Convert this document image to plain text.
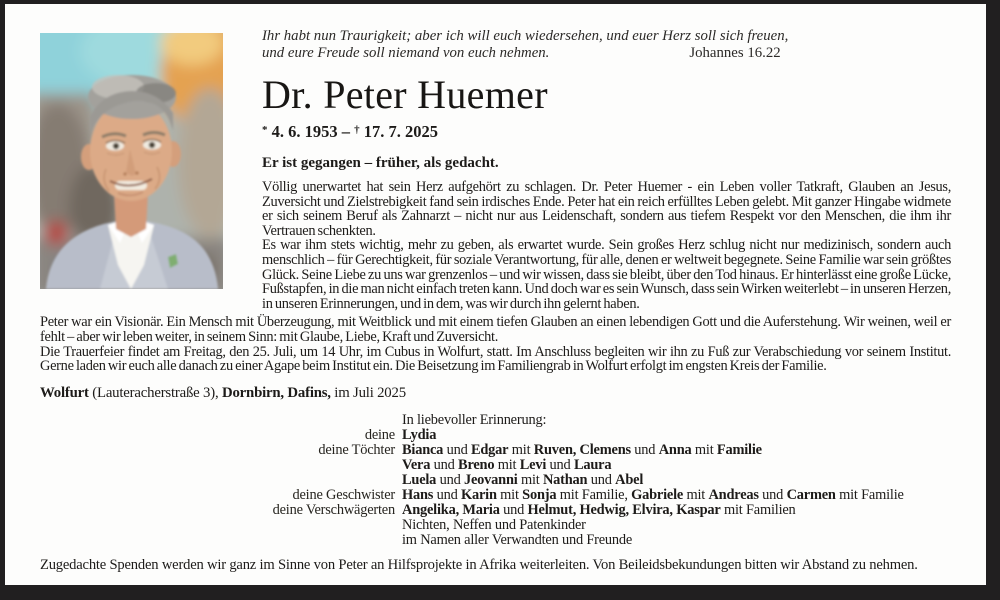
Ihr habt nun Traurigkeit; aber ich will euch wiedersehen, und euer Herz soll sich freuen,
und eure Freude soll niemand von euch nehmen.	Johannes 16.22
Dr. Peter Huemer
* 4. 6. 1953 – † 17. 7. 2025
Er ist gegangen – früher, als gedacht.

Völlig unerwartet hat sein Herz aufgehört zu schlagen. Dr. Peter Huemer - ein Leben voller Tatkraft, Glauben an Jesus, Zuversicht und Zielstrebigkeit fand sein irdisches Ende. Peter hat ein reich erfülltes Leben gelebt. Mit ganzer Hingabe widmete er sich seinem Beruf als Zahnarzt – nicht nur aus Leidenschaft, sondern aus tiefem Respekt vor den Menschen, die ihm ihr Vertrauen schenkten.

Es war ihm stets wichtig, mehr zu geben, als erwartet wurde. Sein großes Herz schlug nicht nur medizinisch, sondern auch menschlich – für Gerechtigkeit, für soziale Verantwortung, für alle, denen er weltweit begegnete. Seine Familie war sein größtes Glück. Seine Liebe zu uns war grenzenlos – und wir wissen, dass sie bleibt, über den Tod hinaus. Er hinterlässt eine große Lücke, Fußstapfen, in die man nicht einfach treten kann. Und doch war es sein Wunsch, dass sein Wirken weiterlebt – in unseren Herzen, in unseren Erinnerungen, und in dem, was wir durch ihn gelernt haben.

Peter war ein Visionär. Ein Mensch mit Überzeugung, mit Weitblick und mit einem tiefen Glauben an einen lebendigen Gott und die Auferstehung. Wir weinen, weil er fehlt – aber wir leben weiter, in seinem Sinn: mit Glaube, Liebe, Kraft und Zuversicht.

Die Trauerfeier findet am Freitag, den 25. Juli, um 14 Uhr, im Cubus in Wolfurt, statt. Im Anschluss begleiten wir ihn zu Fuß zur Verabschiedung vor seinem Institut. Gerne laden wir euch alle danach zu einer Agape beim Institut ein. Die Beisetzung im Familiengrab in Wolfurt erfolgt im engsten Kreis der Familie.

Wolfurt (Lauteracherstraße 3), Dornbirn, Dafins, im Juli 2025
In liebevoller Erinnerung:
deine Lydia
deine Töchter Bianca und Edgar mit Ruven, Clemens und Anna mit Familie
Vera und Breno mit Levi und Laura
Luela und Jeovanni mit Nathan und Abel
deine Geschwister Hans und Karin mit Sonja mit Familie, Gabriele mit Andreas und Carmen mit Familie
deine Verschwägerten Angelika, Maria und Helmut, Hedwig, Elvira, Kaspar mit Familien
Nichten, Neffen und Patenkinder
im Namen aller Verwandten und Freunde

Zugedachte Spenden werden wir ganz im Sinne von Peter an Hilfsprojekte in Afrika weiterleiten. Von Beileidsbekundungen bitten wir Abstand zu nehmen.
